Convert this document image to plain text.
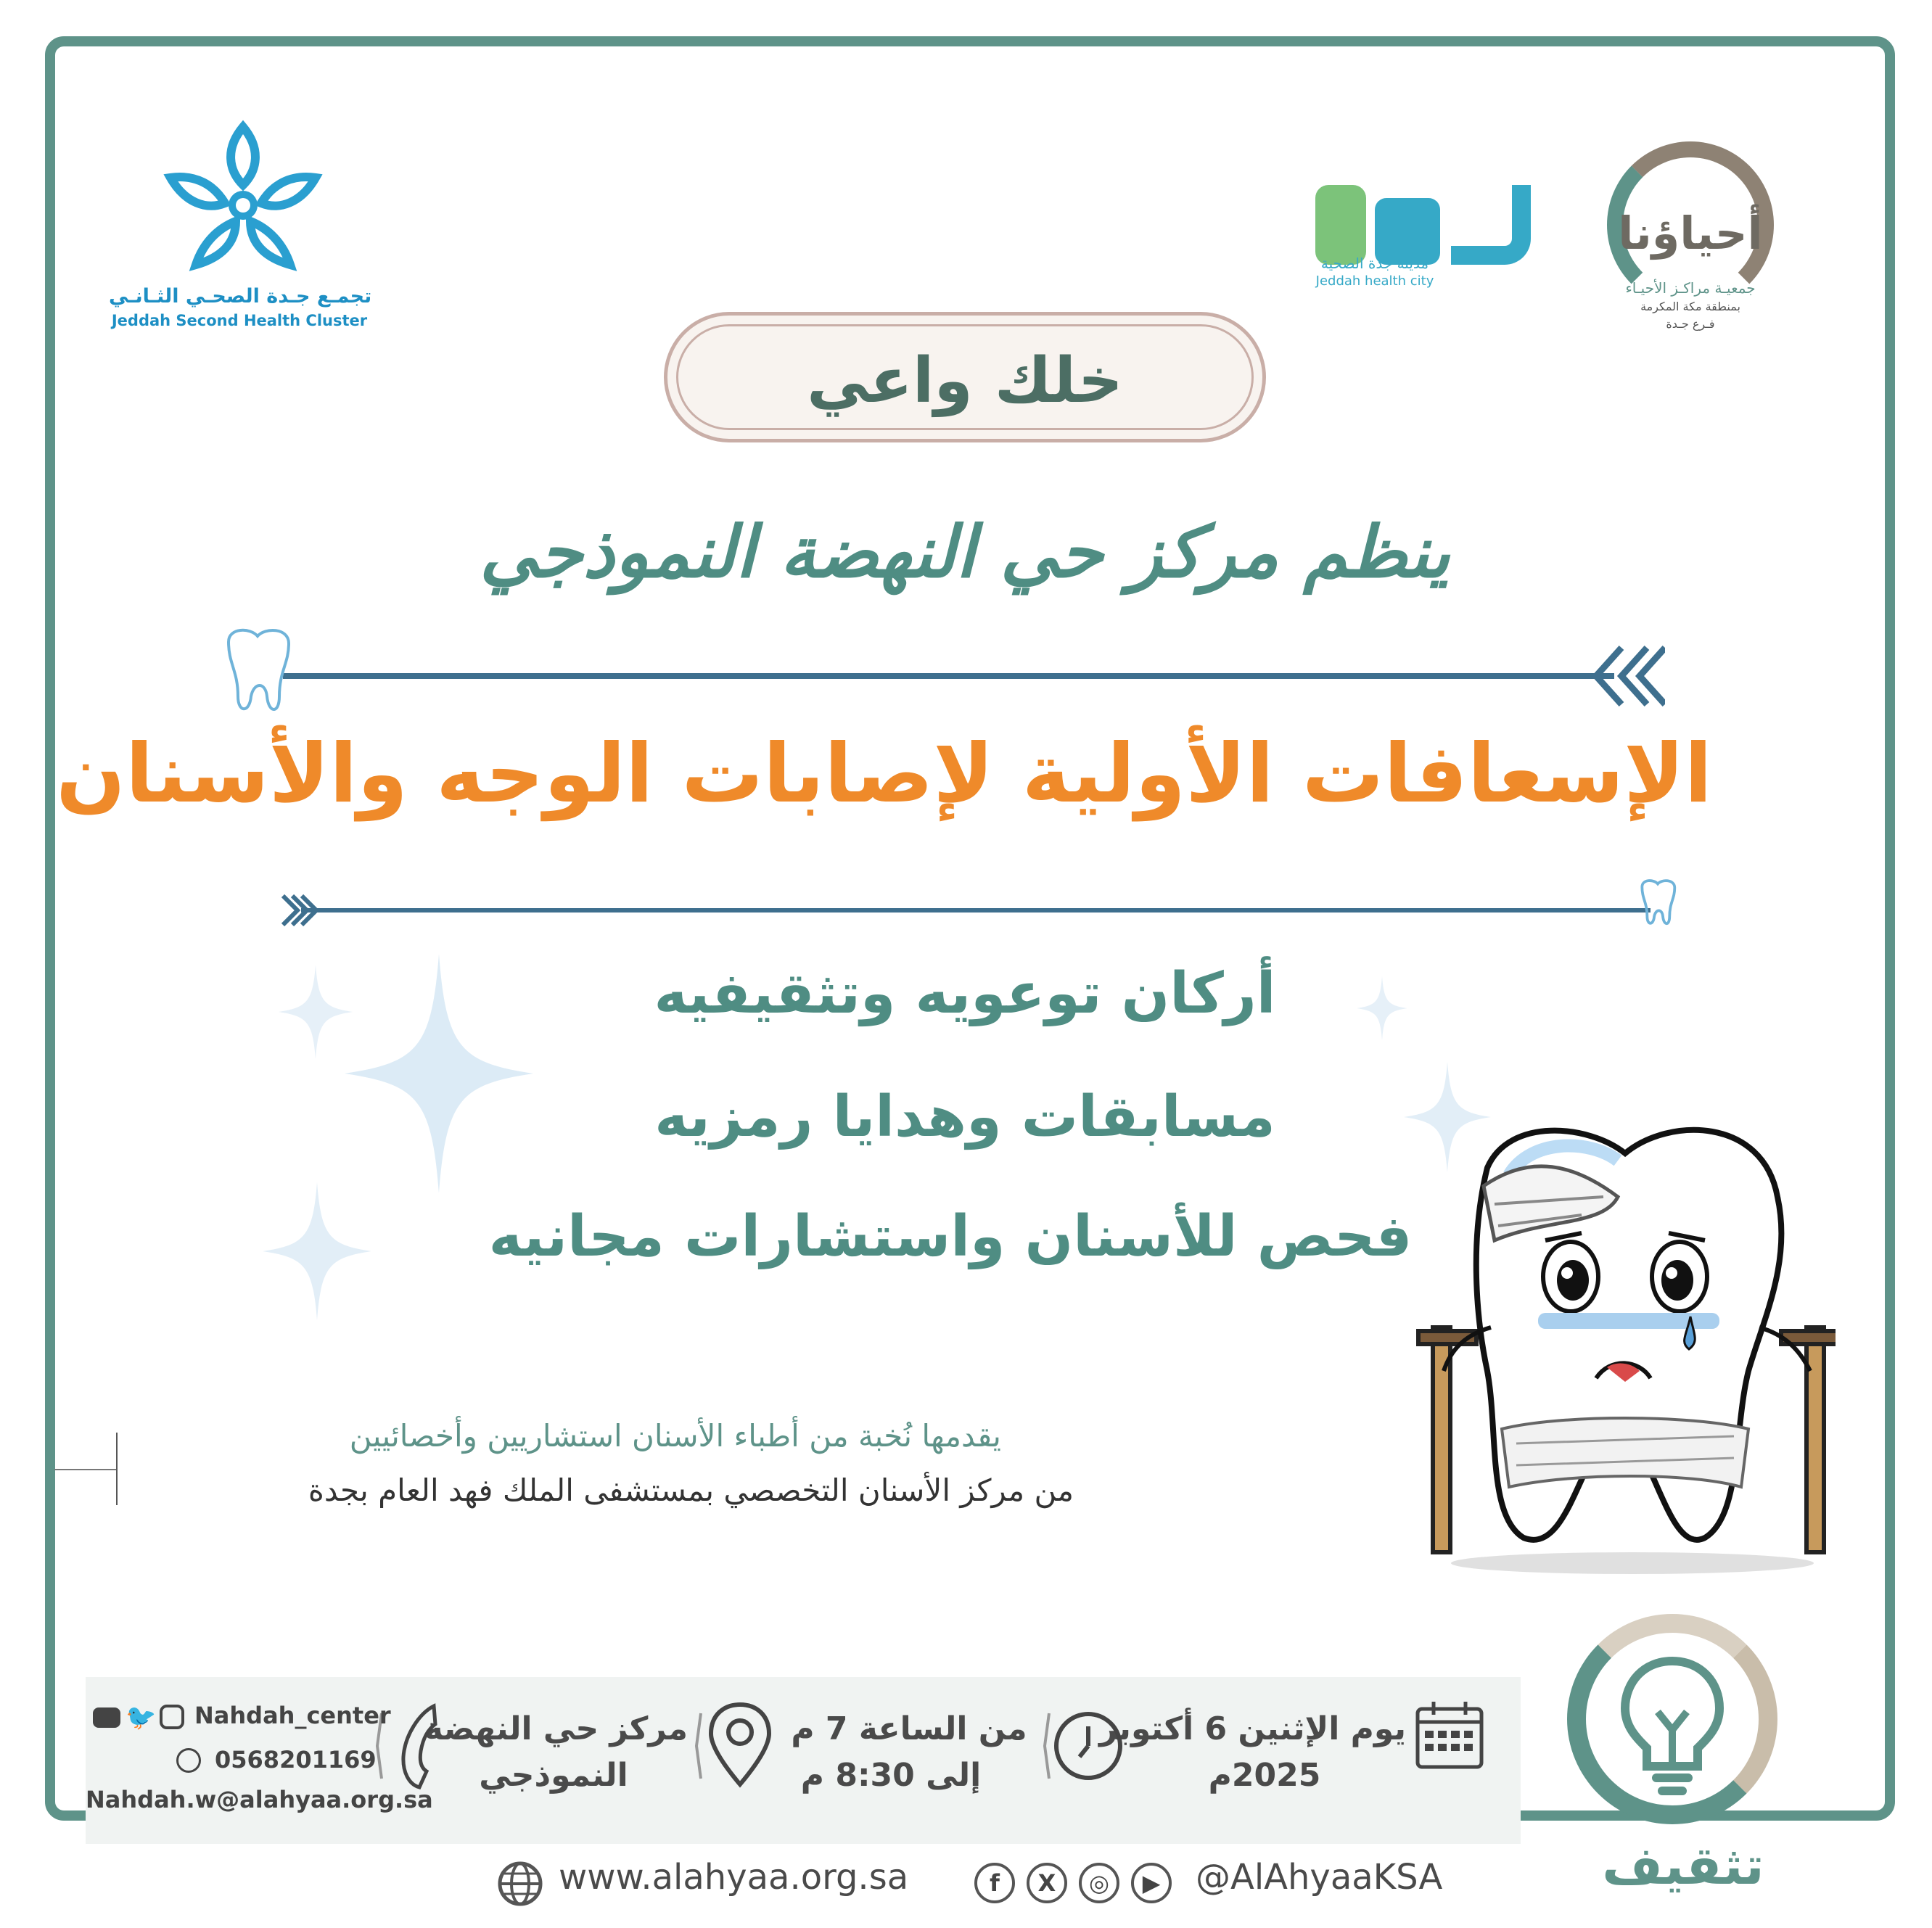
تجمـع جـدة الصحـي الثـانـي
Jeddah Second Health Cluster
مدينة جدة الصحية
Jeddah health city
أحياؤنا
جمعيـة مراكـز الأحيـاء
بمنطقة مكة المكرمة
فـرع جـدة
خلك واعي
ينظم مركز حي النهضة النموذجي
الإسعافات الأولية لإصابات الوجه والأسنان
أركان توعويه وتثقيفيه
مسابقات وهدايا رمزيه
فحص للأسنان واستشارات مجانيه
يقدمها نُخبة من أطباء الأسنان استشاريين وأخصائيين
من مركز الأسنان التخصصي بمستشفى الملك فهد العام بجدة
يوم الإثنين 6 أكتوبر
2025م
من الساعة 7 م
إلى 8:30 م
مركز حي النهضة
النموذجي
🐦 Nahdah_center
0568201169
Nahdah.w@alahyaa.org.sa
تثقيف
www.alahyaa.org.sa	f	X	◎	▶	@AlAhyaaKSA
